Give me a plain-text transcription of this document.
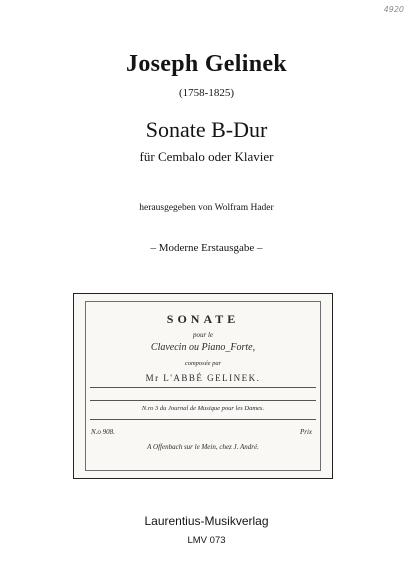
4920
Joseph Gelinek
(1758-1825)
Sonate B-Dur
für Cembalo oder Klavier
herausgegeben von Wolfram Hader
– Moderne Erstausgabe –
SONATE
pour le
Clavecin ou Piano_Forte,
composée par
Mr L'ABBÉ GELINEK.
N.ro 3 du Journal de Musique pour les Dames.
N.o 908.	Prix
A Offenbach sur le Mein, chez J. André.
Laurentius-Musikverlag
LMV 073
